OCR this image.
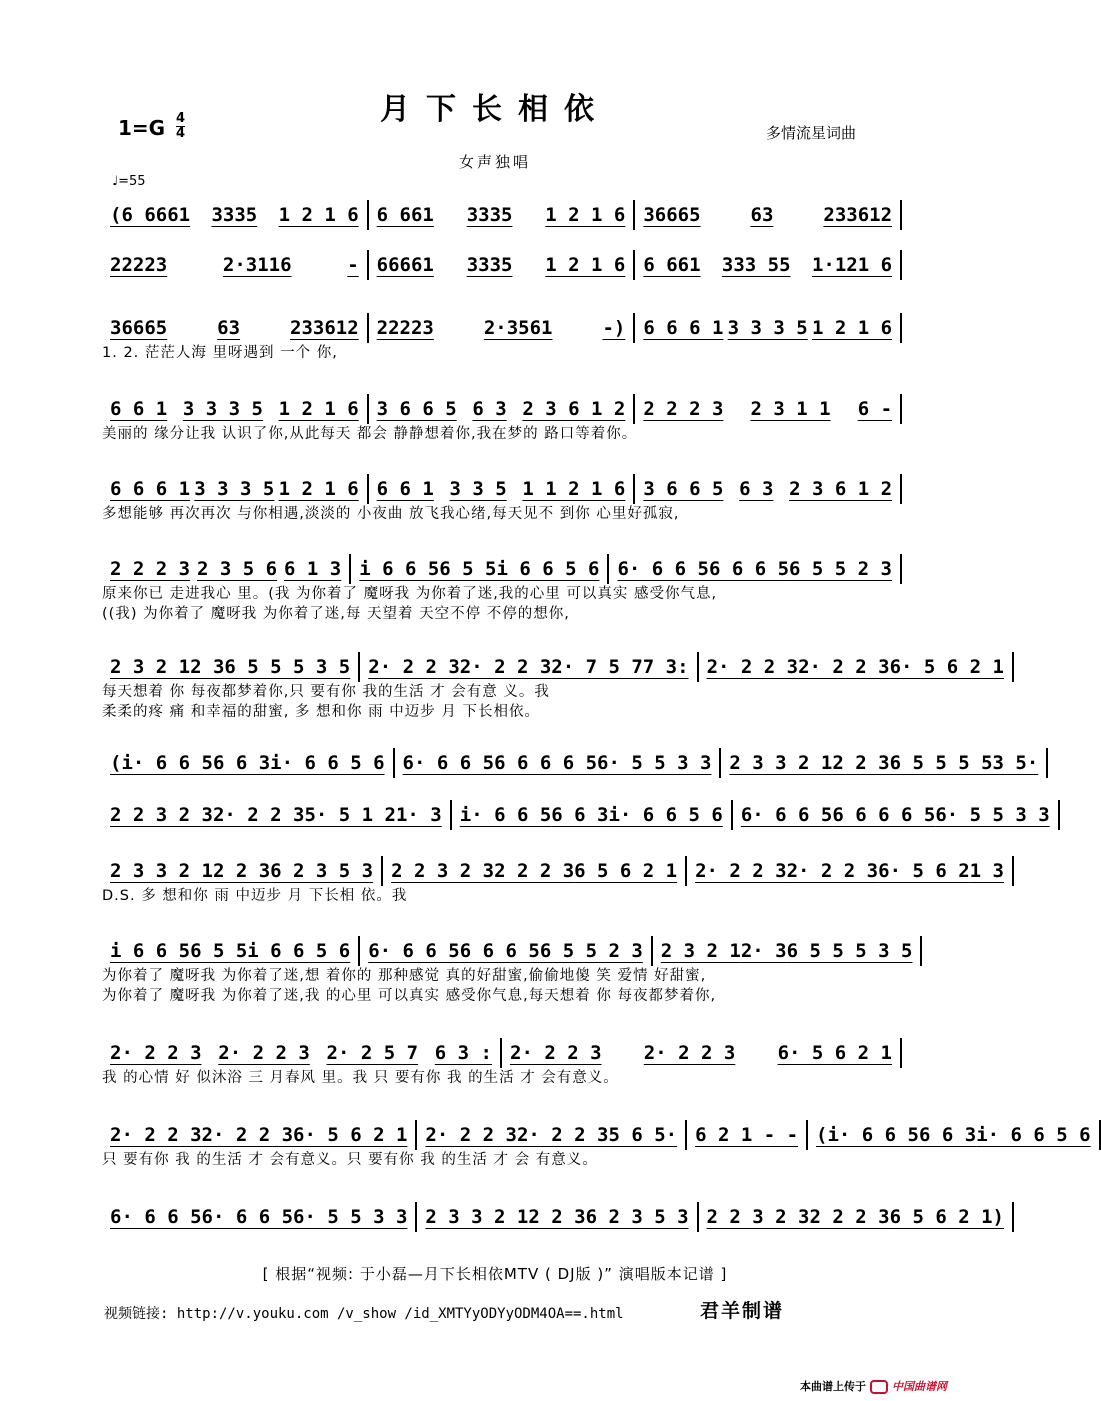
月下长相依
1=G 4
4	多情流星词曲
女声独唱
♩=55
(6 6661 3335 1 2 1 6 6 661 3335 1 2 1 6 36665	63	233612
22223	2·3116	- 66661 3335 1 2 1 6 6 661 333 55 1·121 6
36665	63	233612 22223	2·3561	-) 6 6 6 1 3 3 3 5 1 2 1 6
1. 2. 茫茫人海 里呀遇到 一个 你,
6 6 1 3 3 3 5 1 2 1 6 3 6 6 5 6 3 2 3 6 1 2 2 2 2 3 2 3 1 1 6 -
美丽的 缘分让我 认识了你,从此每天 都会 静静想着你,我在梦的 路口等着你。
6 6 6 1 3 3 3 5 1 2 1 6 6 6 1 3 3 5 1 1 2 1 6 3 6 6 5 6 3 2 3 6 1 2
多想能够 再次再次 与你相遇,淡淡的 小夜曲 放飞我心绪,每天见不 到你 心里好孤寂,
2 2 2 3 2 3 5 6 6 1 3 i 6 6 5 6 5 5 i 6 6 5 6 6· 6 6 5 6 6 6 5 6 5 5 2 3
原来你已 走进我心 里。(我 为你着了 魔呀我 为你着了迷,我的心里 可以真实 感受你气息,
((我) 为你着了 魔呀我 为你着了迷,每 天望着 天空不停 不停的想你,
2 3 2 1 2 3 6 5 5 5 3 5 2· 2 2 3 2· 2 2 3 2· 7 5 7 7 3: 2· 2 2 3 2· 2 2 3 6· 5 6 2 1
每天想着 你 每夜都梦着你,只 要有你 我的生活 才 会有意 义。我
柔柔的疼 痛 和幸福的甜蜜, 多 想和你 雨 中迈步 月 下长相依。
(i· 6 6 5 6 6 3 i· 6 6 5 6 6· 6 6 5 6 6 6 6 5 6· 5 5 3 3 2 3 3 2 1 2 2 3 6 5 5 5 5 3 5·
2 2 3 2 3 2· 2 2 3 5· 5 1 2 1· 3 i· 6 6 5 6 6 3 i· 6 6 5 6 6· 6 6 5 6 6 6 6 5 6· 5 5 3 3
2 3 3 2 1 2 2 3 6 2 3 5 3 2 2 3 2 3 2 2 2 3 6 5 6 2 1 2· 2 2 3 2· 2 2 3 6· 5 6 2 1 3
D.S. 多 想和你 雨 中迈步 月 下长相 依。我
i 6 6 5 6 5 5 i 6 6 5 6 6· 6 6 5 6 6 6 5 6 5 5 2 3 2 3 2 1 2· 3 6 5 5 5 3 5
为你着了 魔呀我 为你着了迷,想 着你的 那种感觉 真的好甜蜜,偷偷地傻 笑 爱情 好甜蜜,
为你着了 魔呀我 为你着了迷,我 的心里 可以真实 感受你气息,每天想着 你 每夜都梦着你,
2· 2 2 3 2· 2 2 3 2· 2 5 7 6 3 : 2· 2 2 3 2· 2 2 3 6· 5 6 2 1
我 的心情 好 似沐浴 三 月春风 里。我 只 要有你 我 的生活 才 会有意义。
2· 2 2 3 2· 2 2 3 6· 5 6 2 1 2· 2 2 3 2· 2 2 3 5 6 5· 6 2 1 - - (i· 6 6 5 6 6 3 i· 6 6 5 6
只 要有你 我 的生活 才 会有意义。只 要有你 我 的生活 才 会 有意义。
6· 6 6 5 6· 6 6 5 6· 5 5 3 3 2 3 3 2 1 2 2 3 6 2 3 5 3 2 2 3 2 3 2 2 2 3 6 5 6 2 1)
[ 根据“视频: 于小磊—月下长相依MTV ( DJ版 )” 演唱版本记谱 ]
视频链接: http://v.youku.com /v_show /id_XMTYyODYyODM4OA==.html	君羊制谱
本曲谱上传于 中国曲谱网
